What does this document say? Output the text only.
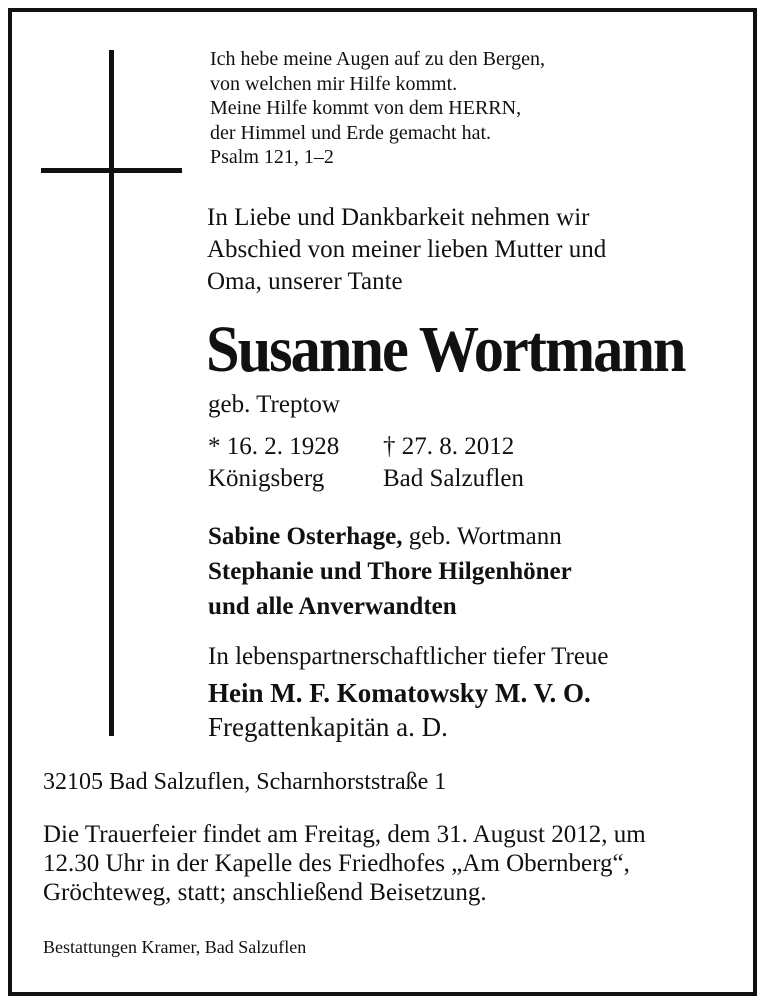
Ich hebe meine Augen auf zu den Bergen,
von welchen mir Hilfe kommt.
Meine Hilfe kommt von dem HERRN,
der Himmel und Erde gemacht hat.
Psalm 121, 1–2
In Liebe und Dankbarkeit nehmen wir
Abschied von meiner lieben Mutter und
Oma, unserer Tante
Susanne Wortmann
geb. Treptow
* 16. 2. 1928
Königsberg
† 27. 8. 2012
Bad Salzuflen
Sabine Osterhage, geb. Wortmann
Stephanie und Thore Hilgenhöner
und alle Anverwandten
In lebenspartnerschaftlicher tiefer Treue
Hein M. F. Komatowsky M. V. O.
Fregattenkapitän a. D.
32105 Bad Salzuflen, Scharnhorststraße 1
Die Trauerfeier findet am Freitag, dem 31. August 2012, um
12.30 Uhr in der Kapelle des Friedhofes „Am Obernberg“,
Gröchteweg, statt; anschließend Beisetzung.
Bestattungen Kramer, Bad Salzuflen
